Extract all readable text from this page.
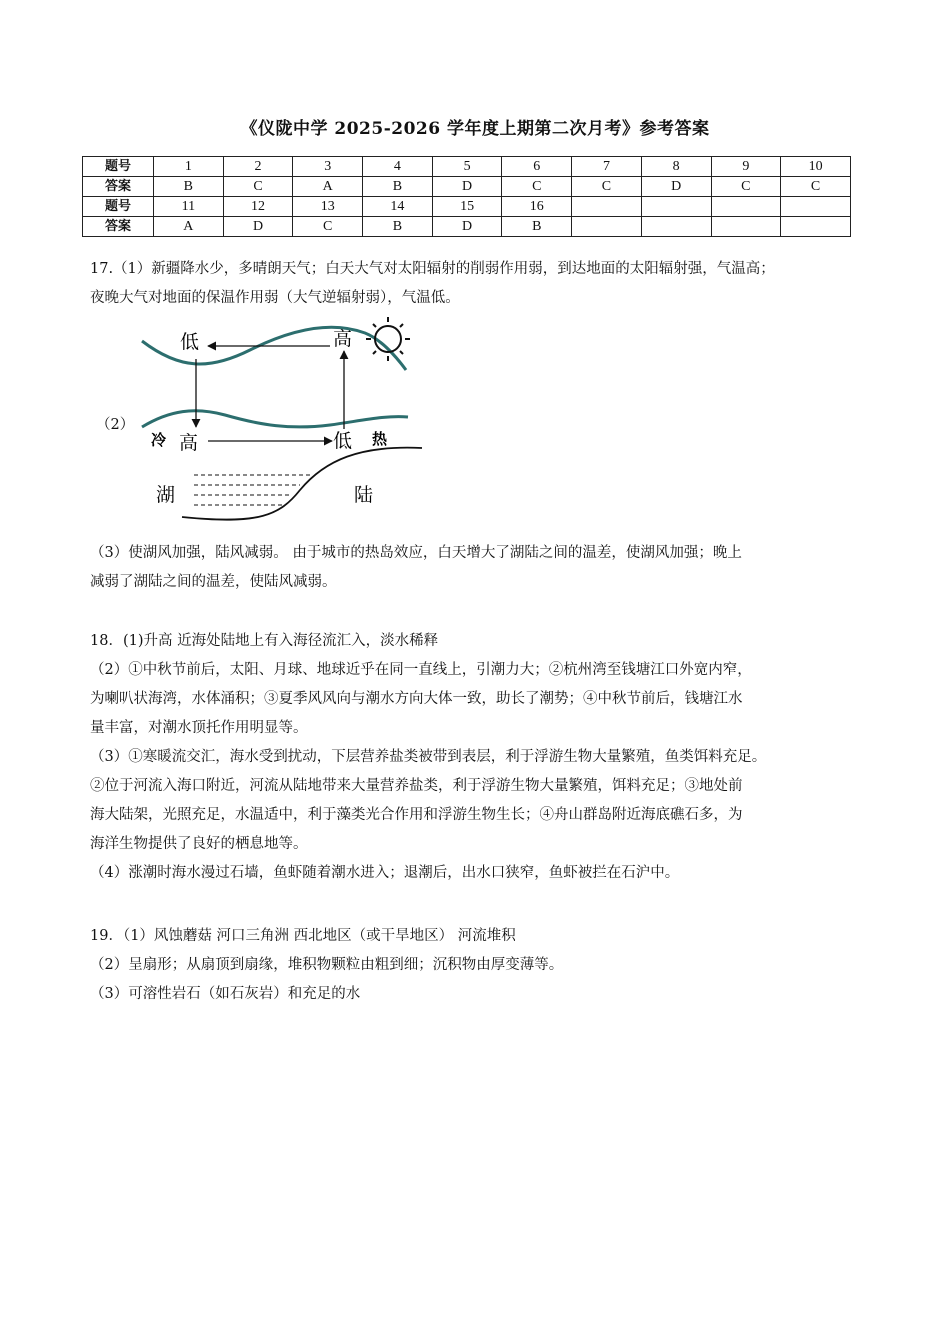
《仪陇中学 2025-2026 学年度上期第二次月考》参考答案
题号	1	2	3	4	5	6	7	8	9	10
答案	B	C	A	B	D	C	C	D	C	C
题号	11	12	13	14	15	16				
答案	A	D	C	B	D	B				

17.（1）新疆降水少，多晴朗天气；白天大气对太阳辐射的削弱作用弱，到达地面的太阳辐射强，气温高；

夜晚大气对地面的保温作用弱（大气逆辐射弱），气温低。

（2）
低	高
冷 高	低 热
湖	陆

（3）使湖风加强，陆风减弱。 由于城市的热岛效应，白天增大了湖陆之间的温差，使湖风加强；晚上

减弱了湖陆之间的温差，使陆风减弱。

18．(1)升高 近海处陆地上有入海径流汇入，淡水稀释

（2）①中秋节前后，太阳、月球、地球近乎在同一直线上，引潮力大；②杭州湾至钱塘江口外宽内窄，

为喇叭状海湾，水体涌积；③夏季风风向与潮水方向大体一致，助长了潮势；④中秋节前后，钱塘江水

量丰富，对潮水顶托作用明显等。

（3）①寒暖流交汇，海水受到扰动，下层营养盐类被带到表层，利于浮游生物大量繁殖，鱼类饵料充足。

②位于河流入海口附近，河流从陆地带来大量营养盐类，利于浮游生物大量繁殖，饵料充足；③地处前

海大陆架，光照充足，水温适中，利于藻类光合作用和浮游生物生长；④舟山群岛附近海底礁石多，为

海洋生物提供了良好的栖息地等。

（4）涨潮时海水漫过石墙，鱼虾随着潮水进入；退潮后，出水口狭窄，鱼虾被拦在石沪中。

19．（1）风蚀蘑菇 河口三角洲 西北地区（或干旱地区） 河流堆积

（2）呈扇形；从扇顶到扇缘，堆积物颗粒由粗到细；沉积物由厚变薄等。

（3）可溶性岩石（如石灰岩）和充足的水
